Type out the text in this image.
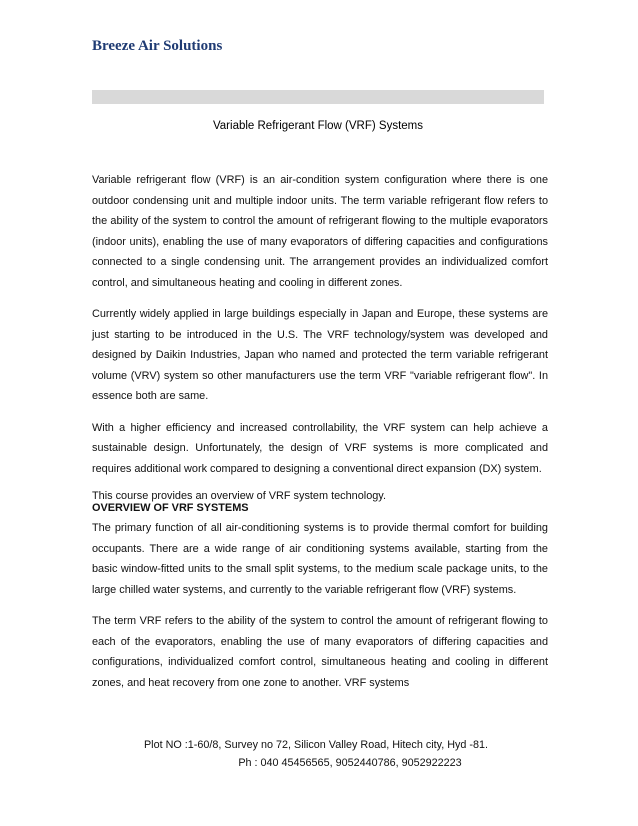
Breeze Air Solutions
Variable Refrigerant Flow (VRF) Systems

Variable refrigerant flow (VRF) is an air-condition system configuration where there is one outdoor condensing unit and multiple indoor units. The term variable refrigerant flow refers to the ability of the system to control the amount of refrigerant flowing to the multiple evaporators (indoor units), enabling the use of many evaporators of differing capacities and configurations connected to a single condensing unit. The arrangement provides an individualized comfort control, and simultaneous heating and cooling in different zones.

Currently widely applied in large buildings especially in Japan and Europe, these systems are just starting to be introduced in the U.S. The VRF technology/system was developed and designed by Daikin Industries, Japan who named and protected the term variable refrigerant volume (VRV) system so other manufacturers use the term VRF "variable refrigerant flow". In essence both are same.

With a higher efficiency and increased controllability, the VRF system can help achieve a sustainable design. Unfortunately, the design of VRF systems is more complicated and requires additional work compared to designing a conventional direct expansion (DX) system.

This course provides an overview of VRF system technology.

OVERVIEW OF VRF SYSTEMS

The primary function of all air-conditioning systems is to provide thermal comfort for building occupants. There are a wide range of air conditioning systems available, starting from the basic window-fitted units to the small split systems, to the medium scale package units, to the large chilled water systems, and currently to the variable refrigerant flow (VRF) systems.

The term VRF refers to the ability of the system to control the amount of refrigerant flowing to each of the evaporators, enabling the use of many evaporators of differing capacities and configurations, individualized comfort control, simultaneous heating and cooling in different zones, and heat recovery from one zone to another. VRF systems

Plot NO :1-60/8, Survey no 72, Silicon Valley Road, Hitech city, Hyd -81.
Ph : 040 45456565, 9052440786, 9052922223
